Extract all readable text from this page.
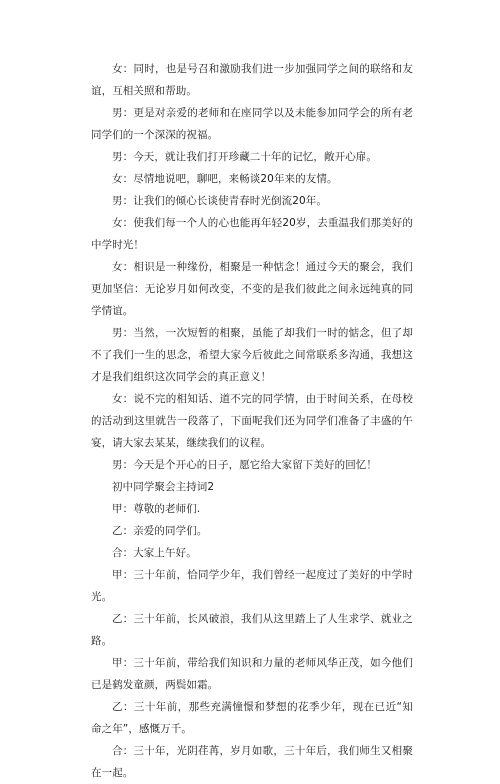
女：同时，也是号召和激励我们进一步加强同学之间的联络和友谊，互相关照和帮助。

男：更是对亲爱的老师和在座同学以及未能参加同学会的所有老同学们的一个深深的祝福。

男：今天，就让我们打开珍藏二十年的记忆，敞开心扉。

女：尽情地说吧，聊吧，来畅谈20年来的友情。

男：让我们的倾心长谈使青春时光倒流20年。

女：使我们每一个人的心也能再年轻20岁，去重温我们那美好的中学时光！

女：相识是一种缘份，相聚是一种惦念！通过今天的聚会，我们更加坚信：无论岁月如何改变，不变的是我们彼此之间永远纯真的同学情谊。

男：当然，一次短暂的相聚，虽能了却我们一时的惦念，但了却不了我们一生的思念，希望大家今后彼此之间常联系多沟通，我想这才是我们组织这次同学会的真正意义！

女：说不完的相知话、道不完的同学情，由于时间关系，在母校的活动到这里就告一段落了，下面呢我们还为同学们准备了丰盛的午宴，请大家去某某，继续我们的议程。

男：今天是个开心的日子，愿它给大家留下美好的回忆！

初中同学聚会主持词2

甲：尊敬的老师们.

乙：亲爱的同学们。

合：大家上午好。

甲：三十年前，恰同学少年，我们曾经一起度过了美好的中学时光。

乙：三十年前，长风破浪，我们从这里踏上了人生求学、就业之路。

甲：三十年前，带给我们知识和力量的老师风华正茂，如今他们已是鹤发童颜，两鬓如霜。

乙：三十年前，那些充满憧憬和梦想的花季少年，现在已近“知命之年”，感慨万千。

合：三十年，光阴荏苒，岁月如歌，三十年后，我们师生又相聚在一起。
